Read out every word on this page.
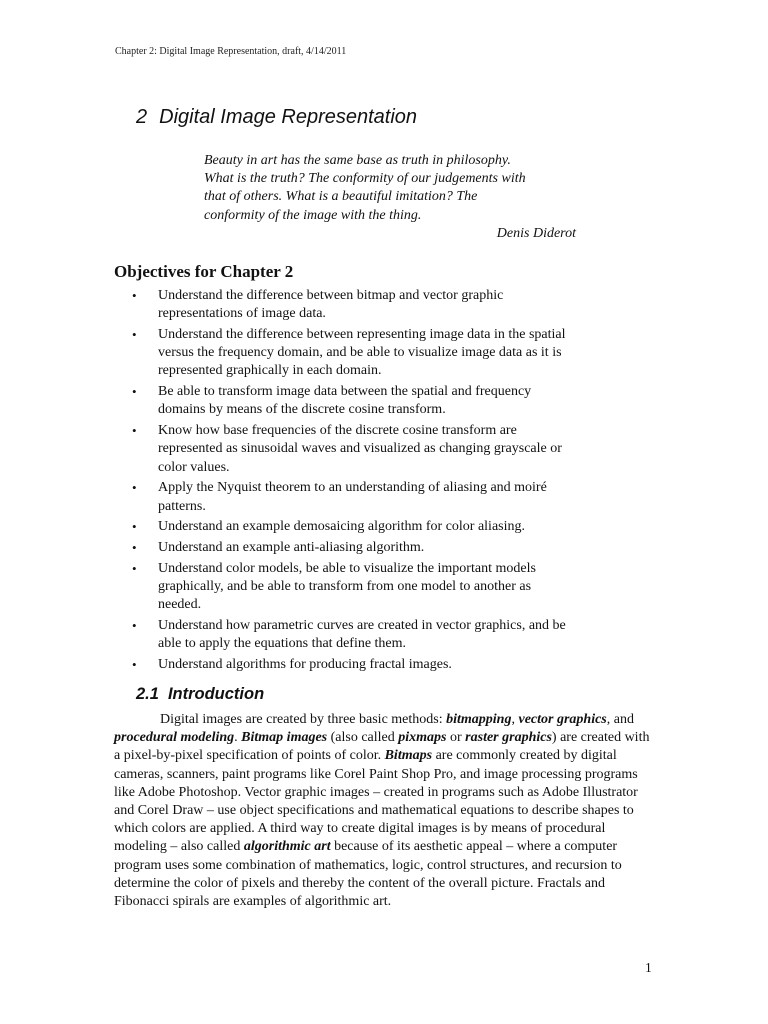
Chapter 2: Digital Image Representation, draft, 4/14/2011
2 Digital Image Representation
Beauty in art has the same base as truth in philosophy.
What is the truth? The conformity of our judgements with
that of others. What is a beautiful imitation? The
conformity of the image with the thing.
Denis Diderot
Objectives for Chapter 2
• Understand the difference between bitmap and vector graphic representations of image data.
• Understand the difference between representing image data in the spatial versus the frequency domain, and be able to visualize image data as it is represented graphically in each domain.
• Be able to transform image data between the spatial and frequency domains by means of the discrete cosine transform.
• Know how base frequencies of the discrete cosine transform are represented as sinusoidal waves and visualized as changing grayscale or color values.
• Apply the Nyquist theorem to an understanding of aliasing and moiré patterns.
• Understand an example demosaicing algorithm for color aliasing.
• Understand an example anti-aliasing algorithm.
• Understand color models, be able to visualize the important models graphically, and be able to transform from one model to another as needed.
• Understand how parametric curves are created in vector graphics, and be able to apply the equations that define them.
• Understand algorithms for producing fractal images.
2.1 Introduction

Digital images are created by three basic methods: bitmapping, vector graphics, and procedural modeling. Bitmap images (also called pixmaps or raster graphics) are created with a pixel-by-pixel specification of points of color. Bitmaps are commonly created by digital cameras, scanners, paint programs like Corel Paint Shop Pro, and image processing programs like Adobe Photoshop. Vector graphic images – created in programs such as Adobe Illustrator and Corel Draw – use object specifications and mathematical equations to describe shapes to which colors are applied. A third way to create digital images is by means of procedural modeling – also called algorithmic art because of its aesthetic appeal – where a computer program uses some combination of mathematics, logic, control structures, and recursion to determine the color of pixels and thereby the content of the overall picture. Fractals and Fibonacci spirals are examples of algorithmic art.

1
